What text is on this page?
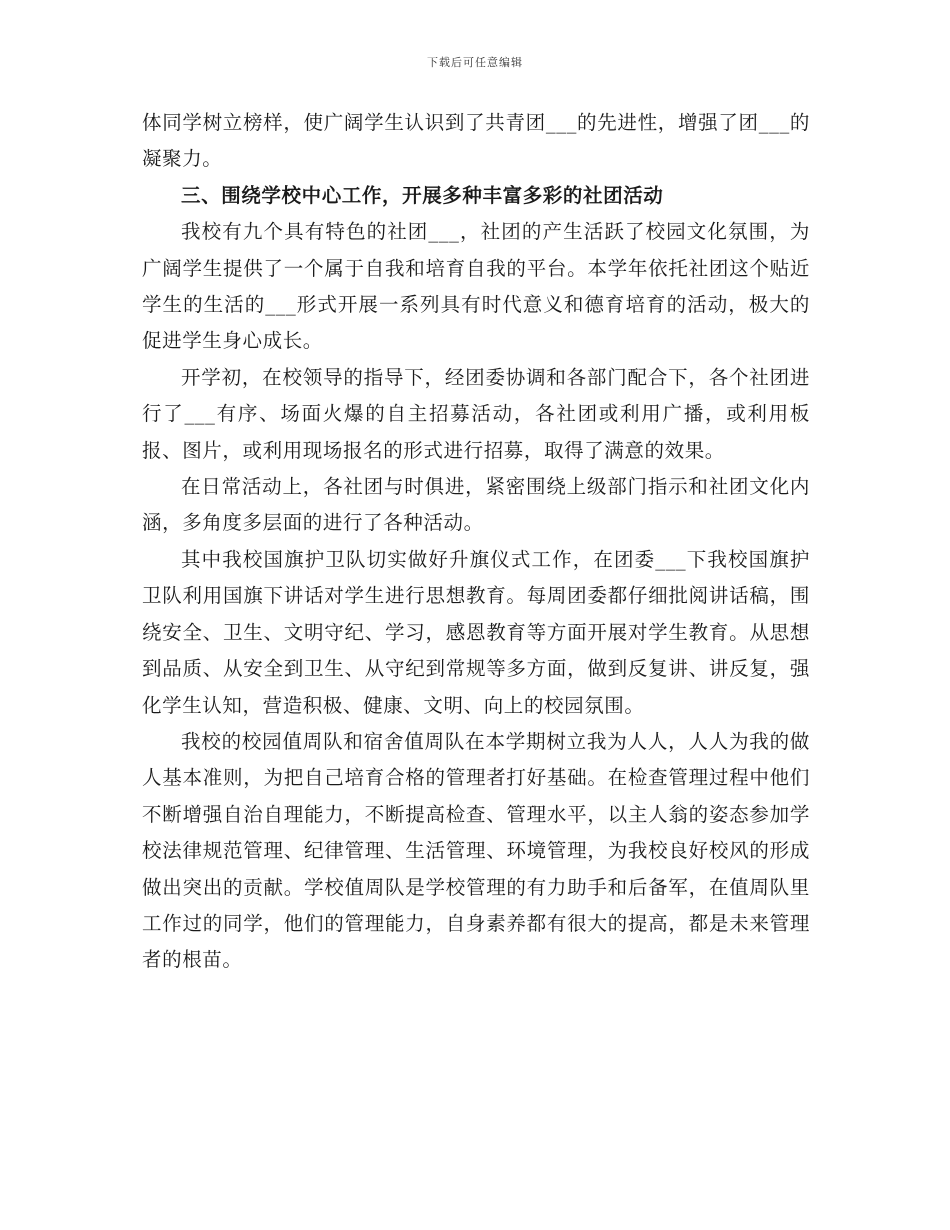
下载后可任意编辑

体同学树立榜样，使广阔学生认识到了共青团___的先进性，增强了团___的凝聚力。

三、围绕学校中心工作，开展多种丰富多彩的社团活动

我校有九个具有特色的社团___，社团的产生活跃了校园文化氛围，为广阔学生提供了一个属于自我和培育自我的平台。本学年依托社团这个贴近学生的生活的___形式开展一系列具有时代意义和德育培育的活动，极大的促进学生身心成长。

开学初，在校领导的指导下，经团委协调和各部门配合下，各个社团进行了___有序、场面火爆的自主招募活动，各社团或利用广播，或利用板报、图片，或利用现场报名的形式进行招募，取得了满意的效果。

在日常活动上，各社团与时俱进，紧密围绕上级部门指示和社团文化内涵，多角度多层面的进行了各种活动。

其中我校国旗护卫队切实做好升旗仪式工作，在团委___下我校国旗护卫队利用国旗下讲话对学生进行思想教育。每周团委都仔细批阅讲话稿，围绕安全、卫生、文明守纪、学习，感恩教育等方面开展对学生教育。从思想到品质、从安全到卫生、从守纪到常规等多方面，做到反复讲、讲反复，强化学生认知，营造积极、健康、文明、向上的校园氛围。

我校的校园值周队和宿舍值周队在本学期树立我为人人，人人为我的做人基本准则，为把自己培育合格的管理者打好基础。在检查管理过程中他们不断增强自治自理能力，不断提高检查、管理水平，以主人翁的姿态参加学校法律规范管理、纪律管理、生活管理、环境管理，为我校良好校风的形成做出突出的贡献。学校值周队是学校管理的有力助手和后备军，在值周队里工作过的同学，他们的管理能力，自身素养都有很大的提高，都是未来管理者的根苗。
